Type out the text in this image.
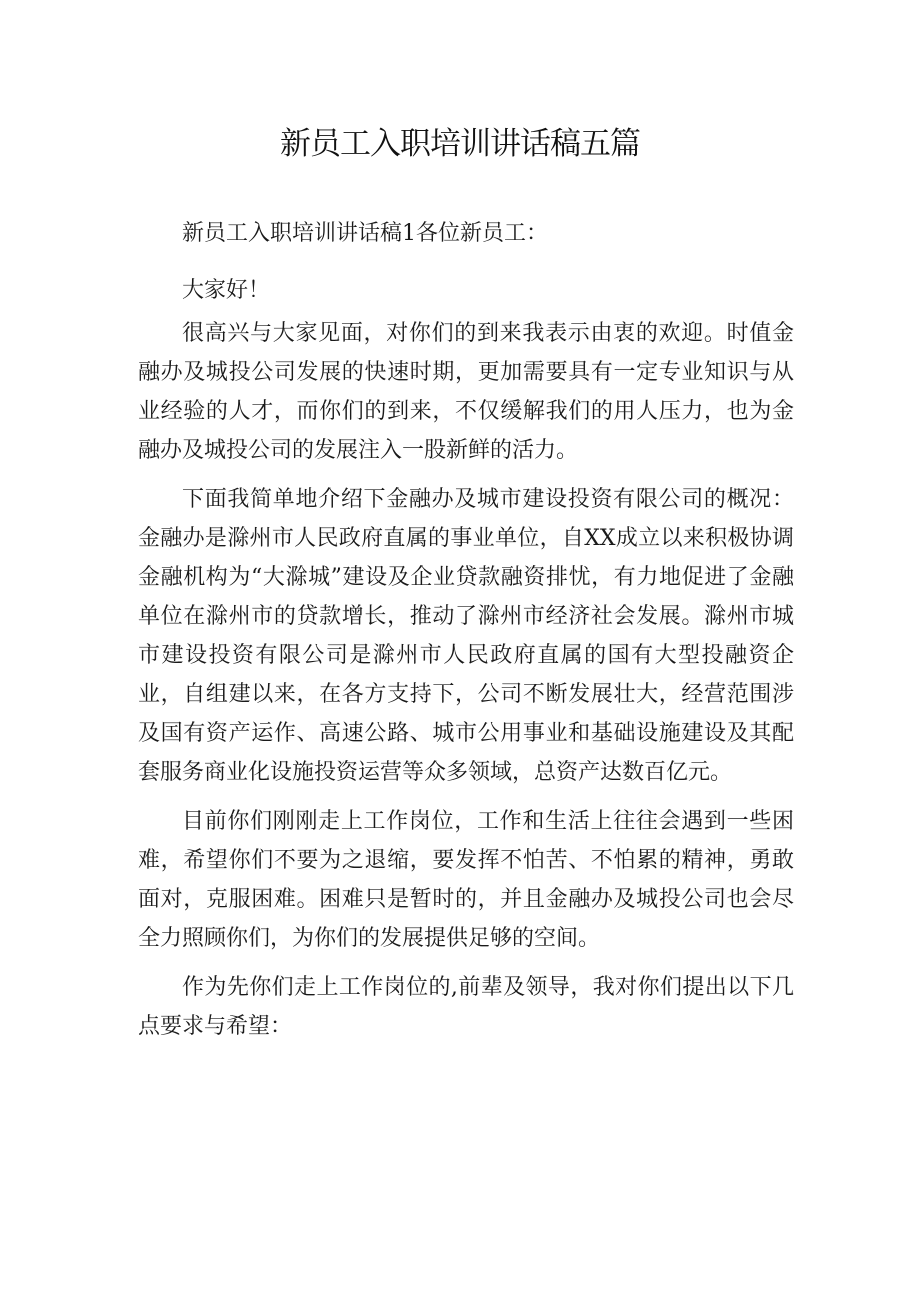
新员工入职培训讲话稿五篇

新员工入职培训讲话稿1各位新员工：

大家好！

很高兴与大家见面，对你们的到来我表示由衷的欢迎。时值金融办及城投公司发展的快速时期，更加需要具有一定专业知识与从业经验的人才，而你们的到来，不仅缓解我们的用人压力，也为金融办及城投公司的发展注入一股新鲜的活力。

下面我简单地介绍下金融办及城市建设投资有限公司的概况：金融办是滁州市人民政府直属的事业单位，自XX成立以来积极协调金融机构为“大滁城”建设及企业贷款融资排忧，有力地促进了金融单位在滁州市的贷款增长，推动了滁州市经济社会发展。滁州市城市建设投资有限公司是滁州市人民政府直属的国有大型投融资企业，自组建以来，在各方支持下，公司不断发展壮大，经营范围涉及国有资产运作、高速公路、城市公用事业和基础设施建设及其配套服务商业化设施投资运营等众多领域，总资产达数百亿元。

目前你们刚刚走上工作岗位，工作和生活上往往会遇到一些困难，希望你们不要为之退缩，要发挥不怕苦、不怕累的精神，勇敢面对，克服困难。困难只是暂时的，并且金融办及城投公司也会尽全力照顾你们，为你们的发展提供足够的空间。

作为先你们走上工作岗位的,前辈及领导，我对你们提出以下几点要求与希望：
